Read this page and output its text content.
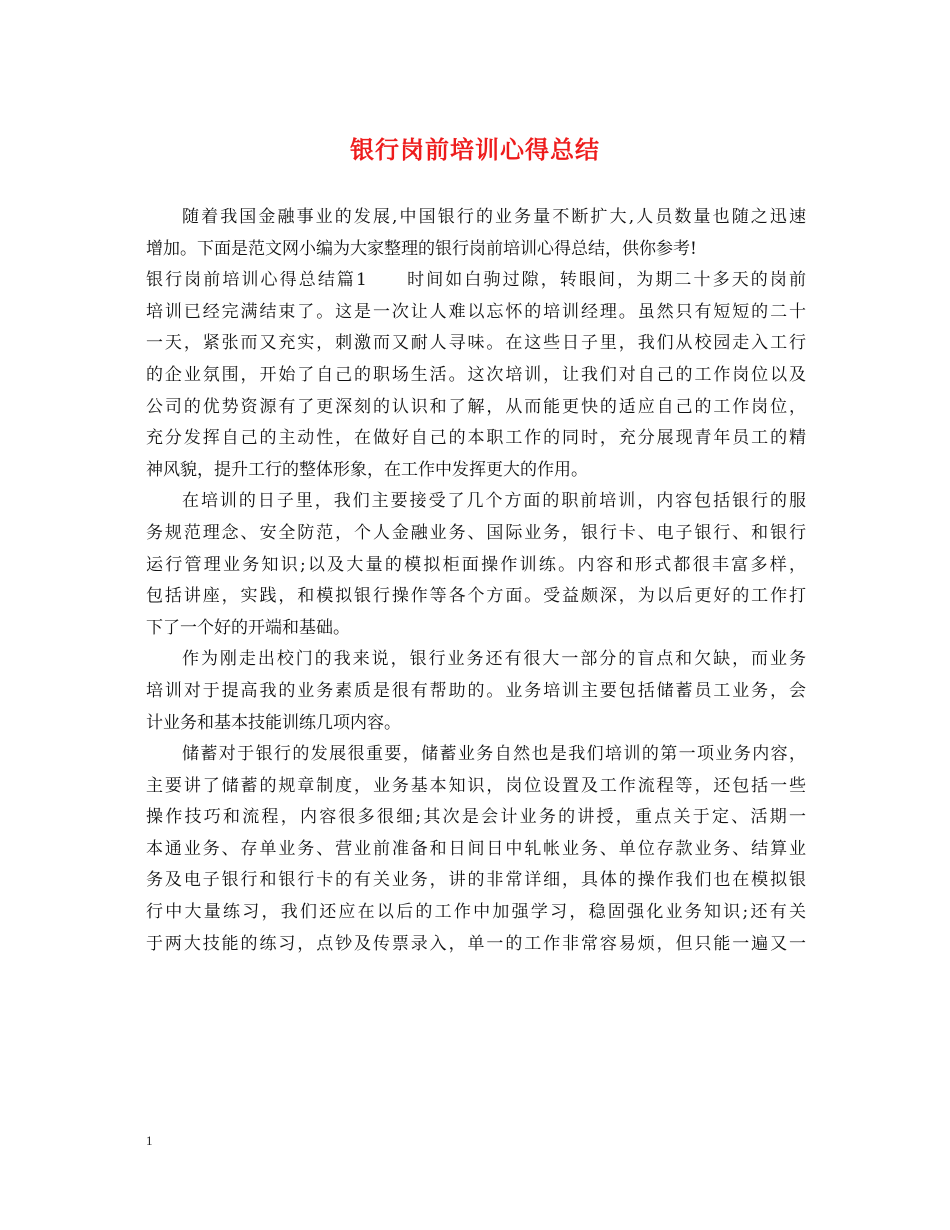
银行岗前培训心得总结
随着我国金融事业的发展,中国银行的业务量不断扩大,人员数量也随之迅速
增加。下面是范文网小编为大家整理的银行岗前培训心得总结，供你参考!
银行岗前培训心得总结篇1　　时间如白驹过隙，转眼间，为期二十多天的岗前
培训已经完满结束了。这是一次让人难以忘怀的培训经理。虽然只有短短的二十
一天，紧张而又充实，刺激而又耐人寻味。在这些日子里，我们从校园走入工行
的企业氛围，开始了自己的职场生活。这次培训，让我们对自己的工作岗位以及
公司的优势资源有了更深刻的认识和了解，从而能更快的适应自己的工作岗位，
充分发挥自己的主动性，在做好自己的本职工作的同时，充分展现青年员工的精
神风貌，提升工行的整体形象，在工作中发挥更大的作用。
在培训的日子里，我们主要接受了几个方面的职前培训，内容包括银行的服
务规范理念、安全防范，个人金融业务、国际业务，银行卡、电子银行、和银行
运行管理业务知识;以及大量的模拟柜面操作训练。内容和形式都很丰富多样，
包括讲座，实践，和模拟银行操作等各个方面。受益颇深，为以后更好的工作打
下了一个好的开端和基础。
作为刚走出校门的我来说，银行业务还有很大一部分的盲点和欠缺，而业务
培训对于提高我的业务素质是很有帮助的。业务培训主要包括储蓄员工业务，会
计业务和基本技能训练几项内容。
储蓄对于银行的发展很重要，储蓄业务自然也是我们培训的第一项业务内容，
主要讲了储蓄的规章制度，业务基本知识，岗位设置及工作流程等，还包括一些
操作技巧和流程，内容很多很细;其次是会计业务的讲授，重点关于定、活期一
本通业务、存单业务、营业前准备和日间日中轧帐业务、单位存款业务、结算业
务及电子银行和银行卡的有关业务，讲的非常详细，具体的操作我们也在模拟银
行中大量练习，我们还应在以后的工作中加强学习，稳固强化业务知识;还有关
于两大技能的练习，点钞及传票录入，单一的工作非常容易烦，但只能一遍又一
1
